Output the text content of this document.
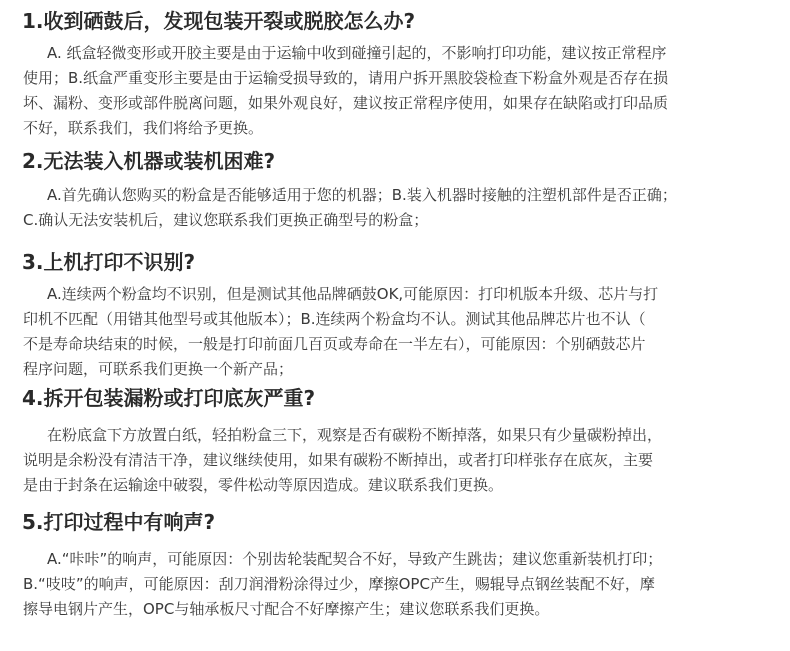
1.收到硒鼓后，发现包装开裂或脱胶怎么办?

A. 纸盒轻微变形或开胶主要是由于运输中收到碰撞引起的，不影响打印功能，建议按正常程序

使用；B.纸盒严重变形主要是由于运输受损导致的，请用户拆开黑胶袋检查下粉盒外观是否存在损

坏、漏粉、变形或部件脱离问题，如果外观良好，建议按正常程序使用，如果存在缺陷或打印品质

不好，联系我们，我们将给予更换。

2.无法装入机器或装机困难?

A.首先确认您购买的粉盒是否能够适用于您的机器；B.装入机器时接触的注塑机部件是否正确；

C.确认无法安装机后，建议您联系我们更换正确型号的粉盒；

3.上机打印不识别?

A.连续两个粉盒均不识别，但是测试其他品牌硒鼓OK,可能原因：打印机版本升级、芯片与打

印机不匹配（用错其他型号或其他版本）；B.连续两个粉盒均不认。测试其他品牌芯片也不认（

不是寿命块结束的时候，一般是打印前面几百页或寿命在一半左右），可能原因：个别硒鼓芯片

程序问题，可联系我们更换一个新产品；

4.拆开包装漏粉或打印底灰严重?

在粉底盒下方放置白纸，轻拍粉盒三下，观察是否有碳粉不断掉落，如果只有少量碳粉掉出，

说明是余粉没有清洁干净，建议继续使用，如果有碳粉不断掉出，或者打印样张存在底灰，主要

是由于封条在运输途中破裂，零件松动等原因造成。建议联系我们更换。

5.打印过程中有响声?

A.“咔咔”的响声，可能原因：个别齿轮装配契合不好，导致产生跳齿；建议您重新装机打印；

B.“吱吱”的响声，可能原因：刮刀润滑粉涂得过少，摩擦OPC产生，赐辊导点钢丝装配不好，摩

擦导电钢片产生，OPC与轴承板尺寸配合不好摩擦产生；建议您联系我们更换。
